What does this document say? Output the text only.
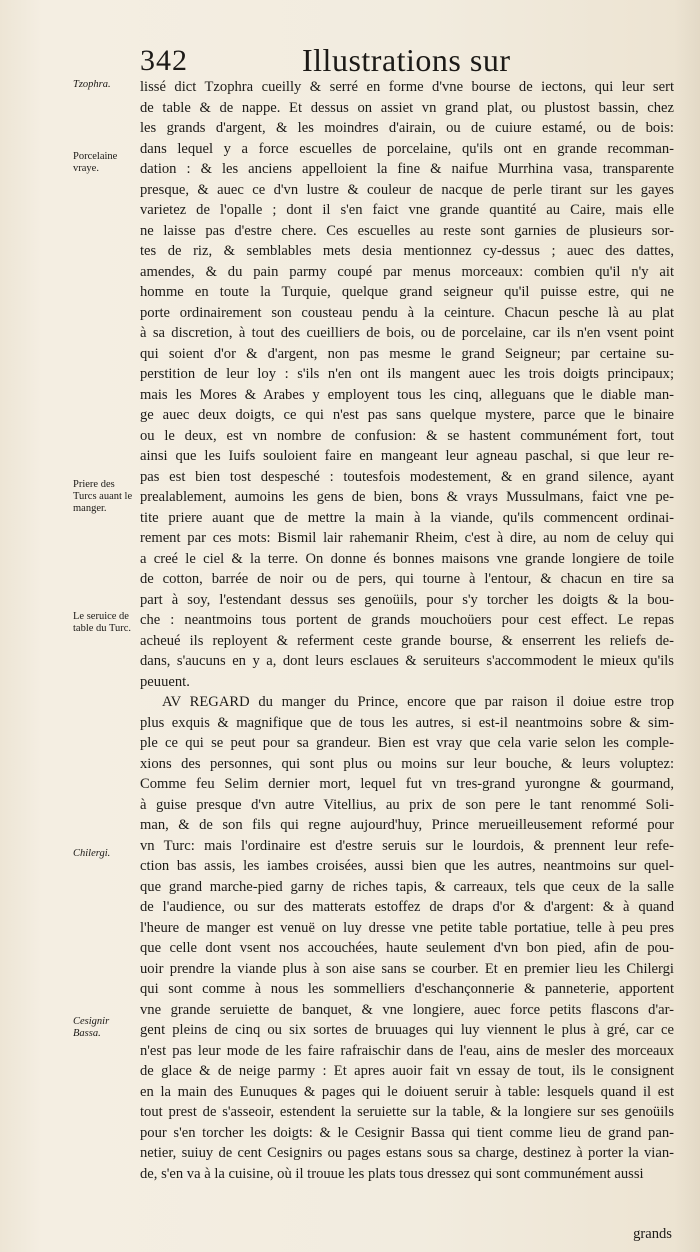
342	Illustrations sur
Tzophra.
Porcelaine vraye.
Priere des Turcs auant le manger.
Le seruice de table du Turc.
Chilergi.
Cesignir Bassa.
lissé dict Tzophra cueilly & serré en forme d'vne bourse de iectons, qui leur sert
de table & de nappe. Et dessus on assiet vn grand plat, ou plustost bassin, chez
les grands d'argent, & les moindres d'airain, ou de cuiure estamé, ou de bois:
dans lequel y a force escuelles de porcelaine, qu'ils ont en grande recomman-
dation : & les anciens appelloient la fine & naifue Murrhina vasa, transparente
presque, & auec ce d'vn lustre & couleur de nacque de perle tirant sur les gayes
varietez de l'opalle ; dont il s'en faict vne grande quantité au Caire, mais elle
ne laisse pas d'estre chere. Ces escuelles au reste sont garnies de plusieurs sor-
tes de riz, & semblables mets desia mentionnez cy-dessus ; auec des dattes,
amendes, & du pain parmy coupé par menus morceaux: combien qu'il n'y ait
homme en toute la Turquie, quelque grand seigneur qu'il puisse estre, qui ne
porte ordinairement son cousteau pendu à la ceinture. Chacun pesche là au plat
à sa discretion, à tout des cueilliers de bois, ou de porcelaine, car ils n'en vsent point
qui soient d'or & d'argent, non pas mesme le grand Seigneur; par certaine su-
perstition de leur loy : s'ils n'en ont ils mangent auec les trois doigts principaux;
mais les Mores & Arabes y employent tous les cinq, alleguans que le diable man-
ge auec deux doigts, ce qui n'est pas sans quelque mystere, parce que le binaire
ou le deux, est vn nombre de confusion: & se hastent communément fort, tout
ainsi que les Iuifs souloient faire en mangeant leur agneau paschal, si que leur re-
pas est bien tost despesché : toutesfois modestement, & en grand silence, ayant
prealablement, aumoins les gens de bien, bons & vrays Mussulmans, faict vne pe-
tite priere auant que de mettre la main à la viande, qu'ils commencent ordinai-
rement par ces mots: Bismil lair rahemanir Rheim, c'est à dire, au nom de celuy qui
a creé le ciel & la terre. On donne és bonnes maisons vne grande longiere de toile
de cotton, barrée de noir ou de pers, qui tourne à l'entour, & chacun en tire sa
part à soy, l'estendant dessus ses genoüils, pour s'y torcher les doigts & la bou-
che : neantmoins tous portent de grands mouchoüers pour cest effect. Le repas
acheué ils reployent & referment ceste grande bourse, & enserrent les reliefs de-
dans, s'aucuns en y a, dont leurs esclaues & seruiteurs s'accommodent le mieux qu'ils
peuuent.
AV REGARD du manger du Prince, encore que par raison il doiue estre trop
plus exquis & magnifique que de tous les autres, si est-il neantmoins sobre & sim-
ple ce qui se peut pour sa grandeur. Bien est vray que cela varie selon les comple-
xions des personnes, qui sont plus ou moins sur leur bouche, & leurs voluptez:
Comme feu Selim dernier mort, lequel fut vn tres-grand yurongne & gourmand,
à guise presque d'vn autre Vitellius, au prix de son pere le tant renommé Soli-
man, & de son fils qui regne aujourd'huy, Prince merueilleusement reformé pour
vn Turc: mais l'ordinaire est d'estre seruis sur le lourdois, & prennent leur refe-
ction bas assis, les iambes croisées, aussi bien que les autres, neantmoins sur quel-
que grand marche-pied garny de riches tapis, & carreaux, tels que ceux de la salle
de l'audience, ou sur des matterats estoffez de draps d'or & d'argent: & à quand
l'heure de manger est venuë on luy dresse vne petite table portatiue, telle à peu pres
que celle dont vsent nos accouchées, haute seulement d'vn bon pied, afin de pou-
uoir prendre la viande plus à son aise sans se courber. Et en premier lieu les Chilergi
qui sont comme à nous les sommelliers d'eschançonnerie & panneterie, apportent
vne grande seruiette de banquet, & vne longiere, auec force petits flascons d'ar-
gent pleins de cinq ou six sortes de bruuages qui luy viennent le plus à gré, car ce
n'est pas leur mode de les faire rafraischir dans de l'eau, ains de mesler des morceaux
de glace & de neige parmy : Et apres auoir fait vn essay de tout, ils le consignent
en la main des Eunuques & pages qui le doiuent seruir à table: lesquels quand il est
tout prest de s'asseoir, estendent la seruiette sur la table, & la longiere sur ses genoüils
pour s'en torcher les doigts: & le Cesignir Bassa qui tient comme lieu de grand pan-
netier, suiuy de cent Cesignirs ou pages estans sous sa charge, destinez à porter la vian-
de, s'en va à la cuisine, où il trouue les plats tous dressez qui sont communément aussi
grands
